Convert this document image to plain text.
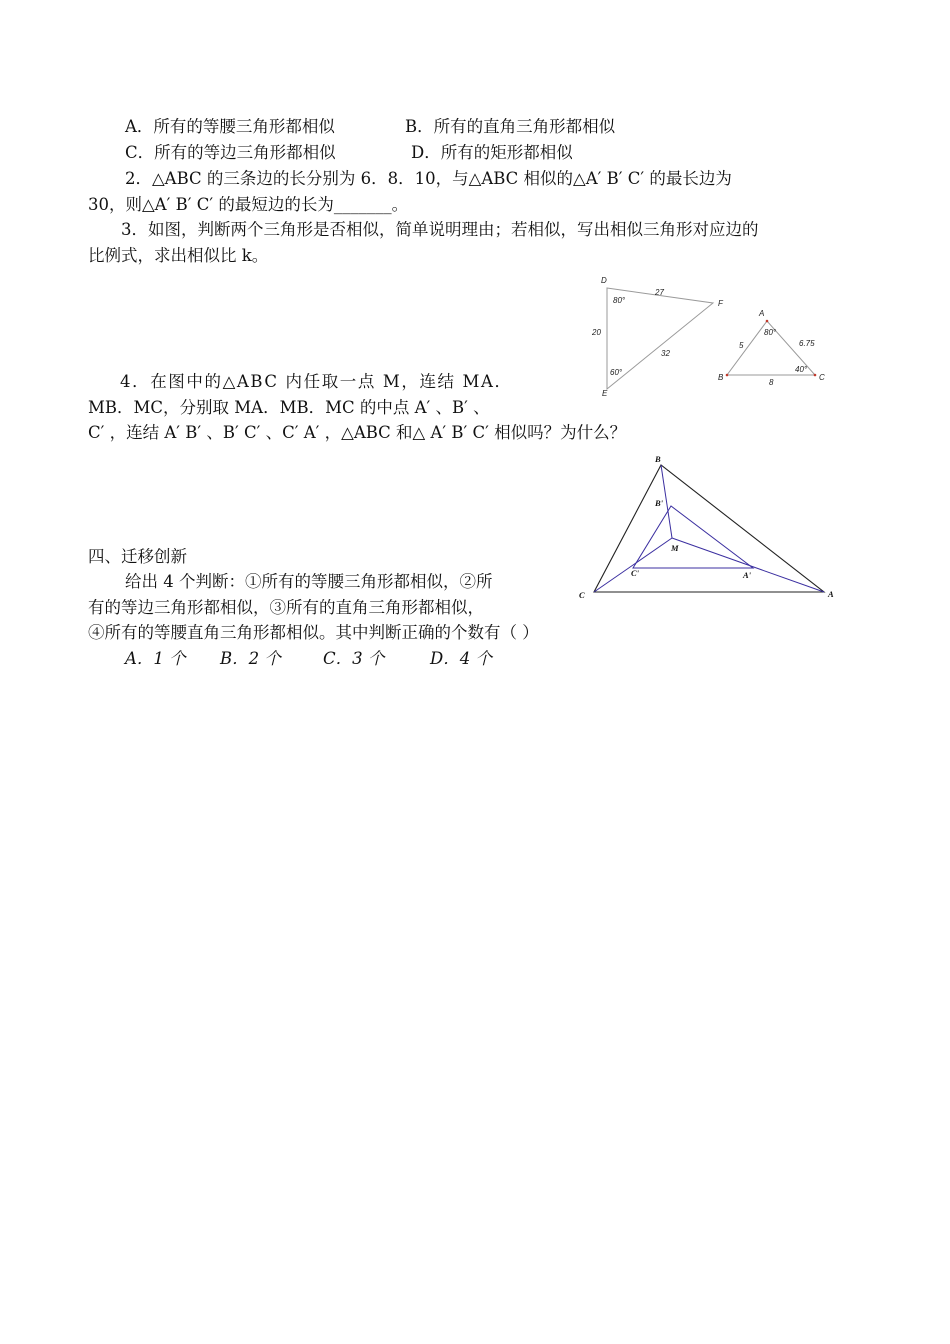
A．所有的等腰三角形都相似	B．所有的直角三角形都相似
C．所有的等边三角形都相似	D．所有的矩形都相似
2．△ABC 的三条边的长分别为 6．8．10，与△ABC 相似的△A′ B′ C′ 的最长边为
30，则△A′ B′ C′ 的最短边的长为_______。
3．如图，判断两个三角形是否相似，简单说明理由；若相似，写出相似三角形对应边的
比例式，求出相似比 k。
D
E
F
80°
60°
27
20
32
A
B	C
80°
40°
5	6.75
8
4．在图中的△ABC 内任取一点 M，连结 MA．
MB．MC，分别取 MA．MB．MC 的中点 A′ 、B′ 、
C′ ，连结 A′ B′ 、B′ C′ 、C′ A′ ，△ABC 和△ A′ B′ C′ 相似吗？为什么？
B
B'
M
C'	A'
C	A
四、迁移创新
给出 4 个判断：①所有的等腰三角形都相似，②所
有的等边三角形都相似，③所有的直角三角形都相似，
④所有的等腰直角三角形都相似。其中判断正确的个数有（ ）
A．1 个 B．2 个	C．3 个	D．4 个
